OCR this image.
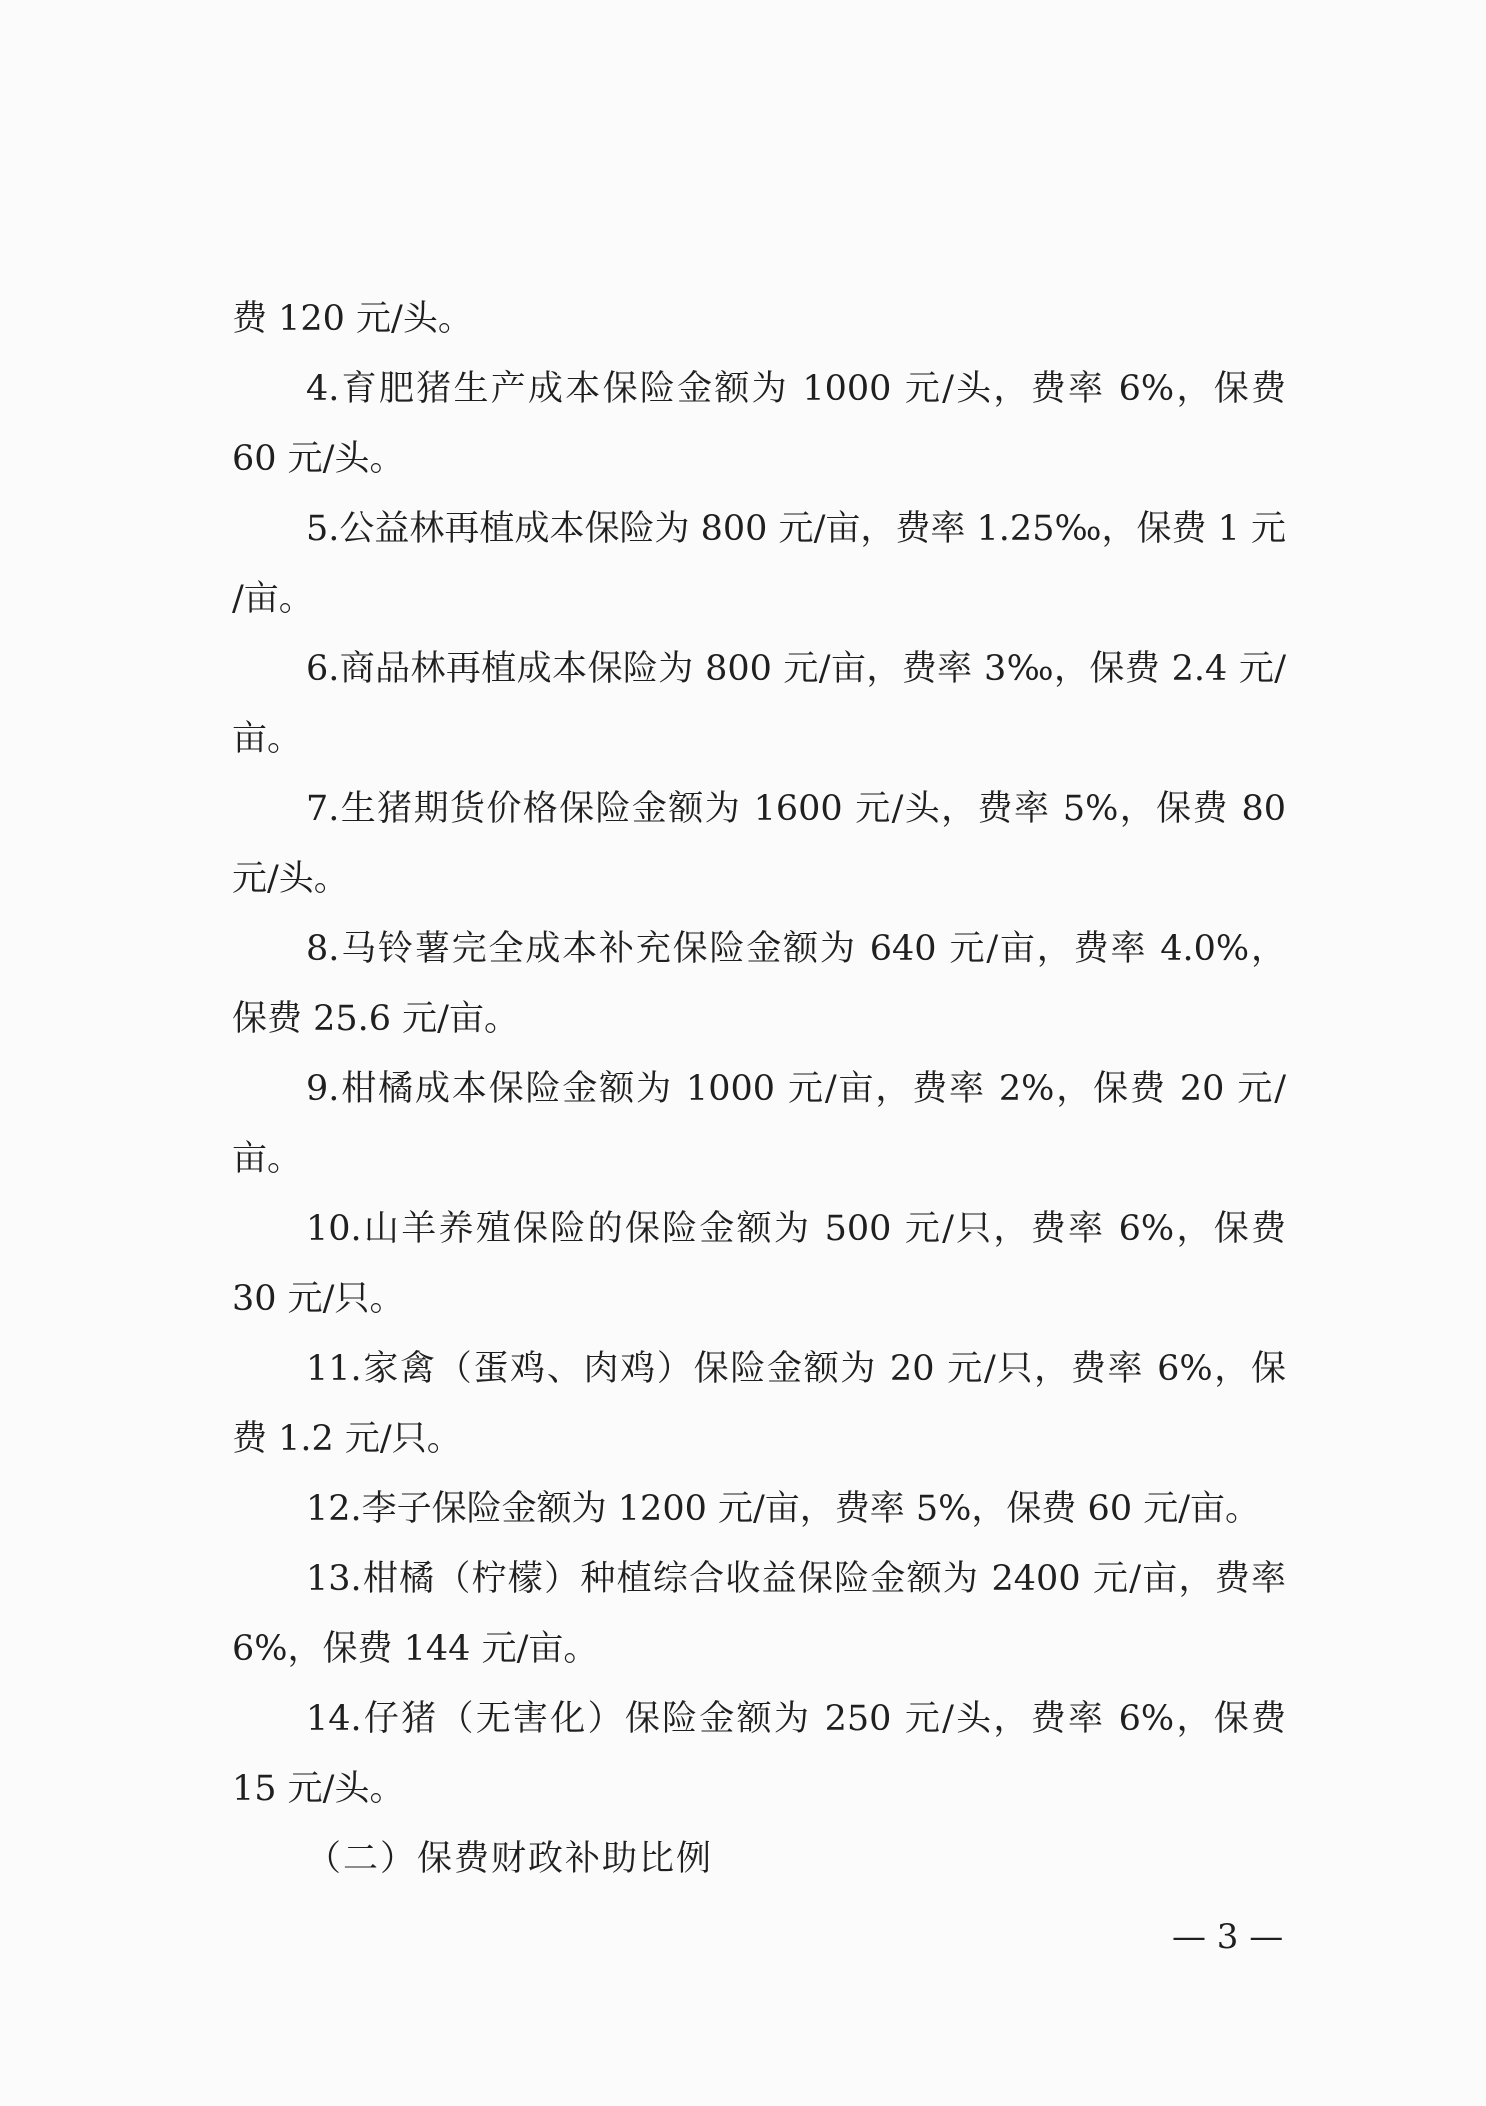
费 120 元/头。
4.育肥猪生产成本保险金额为 1000 元/头，费率 6%，保费
60 元/头。
5.公益林再植成本保险为 800 元/亩，费率 1.25‰，保费 1 元
/亩。
6.商品林再植成本保险为 800 元/亩，费率 3‰，保费 2.4 元/
亩。
7.生猪期货价格保险金额为 1600 元/头，费率 5%，保费 80
元/头。
8.马铃薯完全成本补充保险金额为 640 元/亩，费率 4.0%，
保费 25.6 元/亩。
9.柑橘成本保险金额为 1000 元/亩，费率 2%，保费 20 元/
亩。
10.山羊养殖保险的保险金额为 500 元/只，费率 6%，保费
30 元/只。
11.家禽（蛋鸡、肉鸡）保险金额为 20 元/只，费率 6%，保
费 1.2 元/只。
12.李子保险金额为 1200 元/亩，费率 5%，保费 60 元/亩。
13.柑橘（柠檬）种植综合收益保险金额为 2400 元/亩，费率
6%，保费 144 元/亩。
14.仔猪（无害化）保险金额为 250 元/头，费率 6%，保费
15 元/头。
（二）保费财政补助比例
— 3 —
